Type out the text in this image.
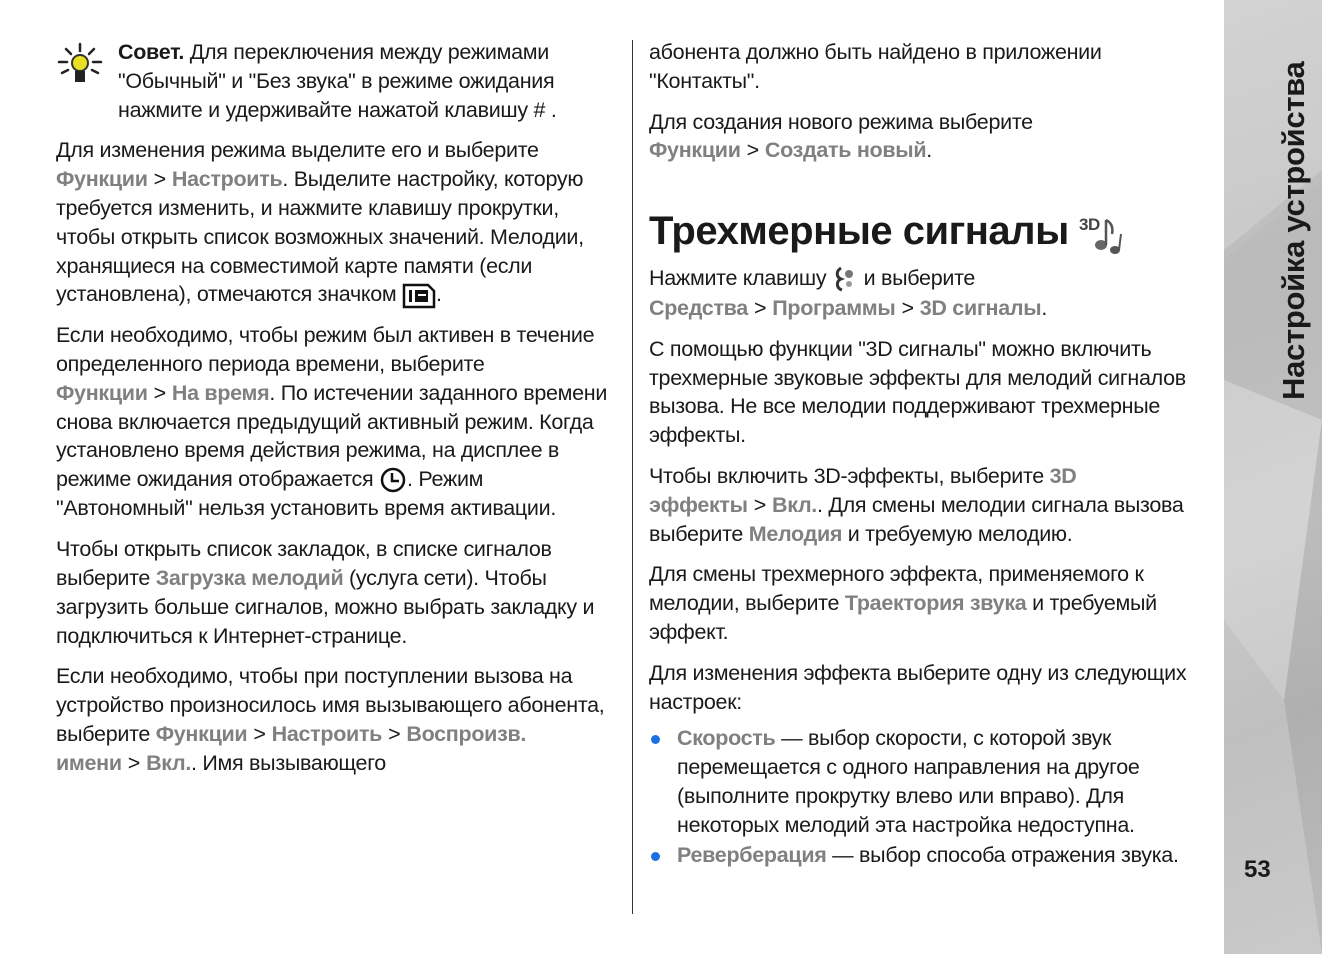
Совет. Для переключения между режимами "Обычный" и "Без звука" в режиме ожидания нажмите и удерживайте нажатой клавишу # .

Для изменения режима выделите его и выберите Функции > Настроить. Выделите настройку, которую требуется изменить, и нажмите клавишу прокрутки, чтобы открыть список возможных значений. Мелодии, хранящиеся на совместимой карте памяти (если установлена), отмечаются значком .

Если необходимо, чтобы режим был активен в течение определенного периода времени, выберите Функции > На время. По истечении заданного времени снова включается предыдущий активный режим. Когда установлено время действия режима, на дисплее в режиме ожидания отображается . Режим "Автономный" нельзя установить время активации.

Чтобы открыть список закладок, в списке сигналов выберите Загрузка мелодий (услуга сети). Чтобы загрузить больше сигналов, можно выбрать закладку и подключиться к Интернет-странице.

Если необходимо, чтобы при поступлении вызова на устройство произносилось имя вызывающего абонента, выберите Функции > Настроить > Воспроизв. имени > Вкл.. Имя вызывающего

абонента должно быть найдено в приложении "Контакты".

Для создания нового режима выберите Функции > Создать новый.

Трехмерные сигналы 3D

Нажмите клавишу  и выберите Средства > Программы > 3D сигналы.

С помощью функции "3D сигналы" можно включить трехмерные звуковые эффекты для мелодий сигналов вызова. Не все мелодии поддерживают трехмерные эффекты.

Чтобы включить 3D-эффекты, выберите 3D эффекты > Вкл.. Для смены мелодии сигнала вызова выберите Мелодия и требуемую мелодию.

Для смены трехмерного эффекта, применяемого к мелодии, выберите Траектория звука и требуемый эффект.

Для изменения эффекта выберите одну из следующих настроек:

Скорость — выбор скорости, с которой звук перемещается с одного направления на другое (выполните прокрутку влево или вправо). Для некоторых мелодий эта настройка недоступна.
Реверберация — выбор способа отражения звука.
Настройка устройства
53
